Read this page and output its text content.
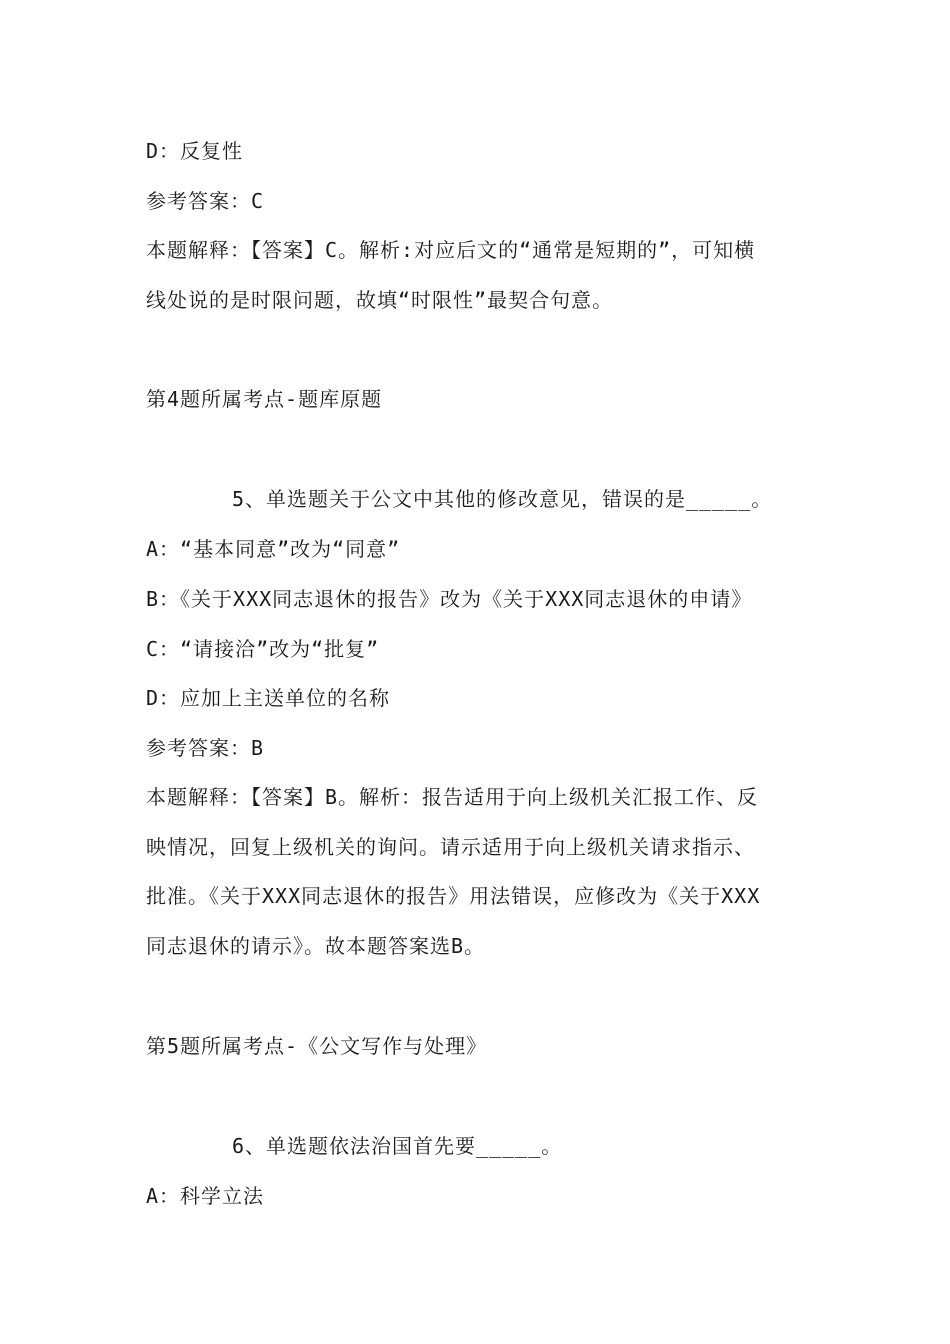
D：反复性
参考答案：C
本题解释：【答案】C。解析:对应后文的“通常是短期的”，可知横
线处说的是时限问题，故填“时限性”最契合句意。
第4题所属考点-题库原题
5、单选题关于公文中其他的修改意见，错误的是_____。
A：“基本同意”改为“同意”
B：《关于XXX同志退休的报告》改为《关于XXX同志退休的申请》
C：“请接洽”改为“批复”
D：应加上主送单位的名称
参考答案：B
本题解释：【答案】B。解析：报告适用于向上级机关汇报工作、反
映情况，回复上级机关的询问。请示适用于向上级机关请求指示、
批准。《关于XXX同志退休的报告》用法错误，应修改为《关于XXX
同志退休的请示》。故本题答案选B。
第5题所属考点-《公文写作与处理》
6、单选题依法治国首先要_____。
A：科学立法
